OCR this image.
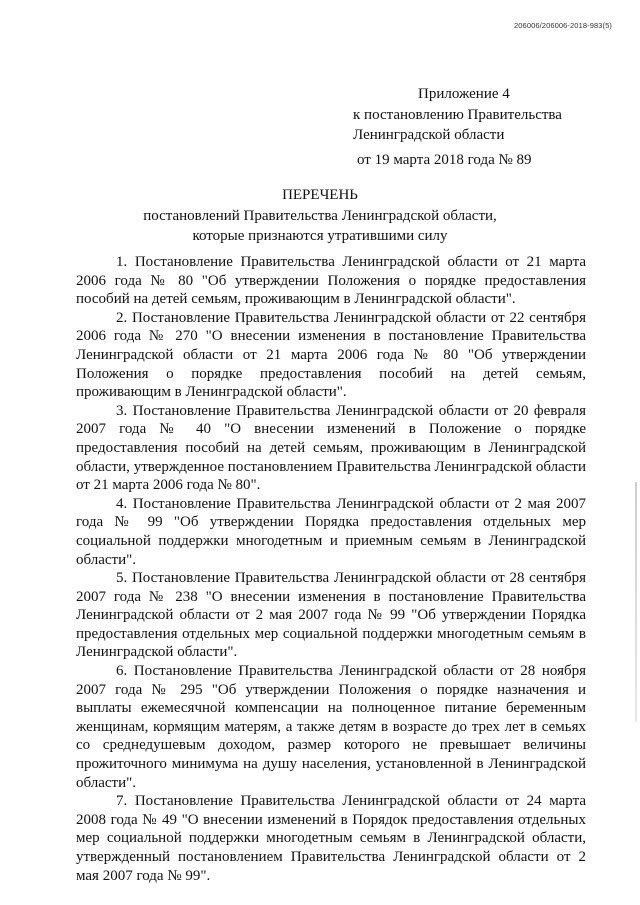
206006/206006-2018-983(5)
Приложение 4
к постановлению Правительства
Ленинградской области
от 19 марта 2018 года № 89
ПЕРЕЧЕНЬ
постановлений Правительства Ленинградской области,
которые признаются утратившими силу

1. Постановление Правительства Ленинградской области от 21 марта 2006 года № 80 "Об утверждении Положения о порядке предоставления пособий на детей семьям, проживающим в Ленинградской области".

2. Постановление Правительства Ленинградской области от 22 сентября 2006 года № 270 "О внесении изменения в постановление Правительства Ленинградской области от 21 марта 2006 года № 80 "Об утверждении Положения о порядке предоставления пособий на детей семьям, проживающим в Ленинградской области".

3. Постановление Правительства Ленинградской области от 20 февраля 2007 года № 40 "О внесении изменений в Положение о порядке предоставления пособий на детей семьям, проживающим в Ленинградской области, утвержденное постановлением Правительства Ленинградской области от 21 марта 2006 года № 80".

4. Постановление Правительства Ленинградской области от 2 мая 2007 года № 99 "Об утверждении Порядка предоставления отдельных мер социальной поддержки многодетным и приемным семьям в Ленинградской области".

5. Постановление Правительства Ленинградской области от 28 сентября 2007 года № 238 "О внесении изменения в постановление Правительства Ленинградской области от 2 мая 2007 года № 99 "Об утверждении Порядка предоставления отдельных мер социальной поддержки многодетным семьям в Ленинградской области".

6. Постановление Правительства Ленинградской области от 28 ноября 2007 года № 295 "Об утверждении Положения о порядке назначения и выплаты ежемесячной компенсации на полноценное питание беременным женщинам, кормящим матерям, а также детям в возрасте до трех лет в семьях со среднедушевым доходом, размер которого не превышает величины прожиточного минимума на душу населения, установленной в Ленинградской области".

7. Постановление Правительства Ленинградской области от 24 марта 2008 года № 49 "О внесении изменений в Порядок предоставления отдельных мер социальной поддержки многодетным семьям в Ленинградской области, утвержденный постановлением Правительства Ленинградской области от 2 мая 2007 года № 99".
